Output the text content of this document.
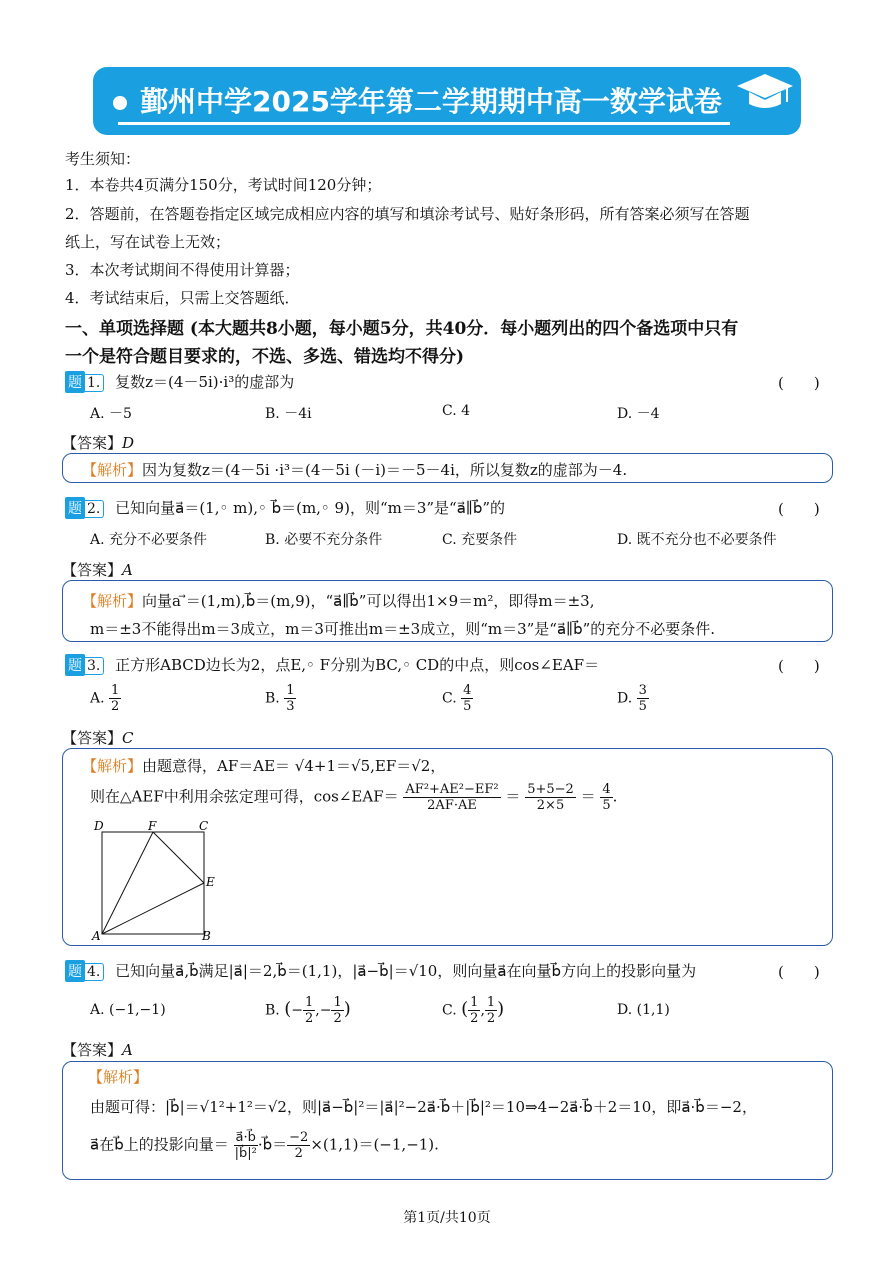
鄞州中学2025学年第二学期期中高一数学试卷
考生须知：
1．本卷共4页满分150分，考试时间120分钟；
2．答题前，在答题卷指定区域完成相应内容的填写和填涂考试号、贴好条形码，所有答案必须写在答题
纸上，写在试卷上无效；
3．本次考试期间不得使用计算器；
4．考试结束后，只需上交答题纸．
一、单项选择题 (本大题共8小题，每小题5分，共40分．每小题列出的四个备选项中只有
一个是符合题目要求的，不选、多选、错选均不得分)
题 1. 复数z＝(4－5i)·i³的虚部为	(　　)
A. －5	B. －4i	C. 4	D. －4
【答案】D
【解析】因为复数z＝(4－5i ·i³＝(4－5i (－i)＝－5－4i，所以复数z的虚部为－4.
题 2. 已知向量a⃗＝(1,◦ m),◦ b⃗＝(m,◦ 9)，则“m＝3”是“a⃗∥b⃗”的	(　　)
A. 充分不必要条件	B. 必要不充分条件	C. 充要条件	D. 既不充分也不必要条件
【答案】A
【解析】向量a ⃗＝(1,m),b⃗＝(m,9)，“a⃗∥b⃗”可以得出1×9＝m²，即得m＝±3,
m＝±3不能得出m＝3成立，m＝3可推出m＝±3成立，则“m＝3”是“a⃗∥b⃗”的充分不必要条件.
题 3. 正方形ABCD边长为2，点E,◦ F分别为BC,◦ CD的中点，则cos∠EAF＝	(　　)
A. $\frac{1}{2}$	B. $\frac{1}{3}$	C. $\frac{4}{5}$	D. $\frac{3}{5}$
【答案】C
【解析】由题意得，AF＝AE＝ √4+1＝√5,EF＝√2，
则在△AEF中利用余弦定理可得，cos∠EAF＝ $\frac{\text{AF²+AE²−EF²}}{2AF\cdot AE} = \frac{5+5-2}{2\times 5} = \frac{4}{5}$ .
D	F	C
E
A	B
题 4. 已知向量a⃗,b⃗满足|a⃗|＝2,b⃗＝(1,1)，|a⃗−b⃗|＝√10，则向量a⃗在向量b⃗方向上的投影向量为	(　　)
A. (−1,−1)	B. (− $\frac{1}{2}$ ,− $\frac{1}{2}$ )	C. ( $\frac{1}{2}$ , $\frac{1}{2}$ )	D. (1,1)
【答案】A
【解析】
由题可得：|b⃗|＝√1²+1²＝√2，则|a⃗−b⃗|²＝|a⃗|²−2a⃗·b⃗＋|b⃗|²＝10⇒4−2a⃗·b⃗＋2＝10，即a⃗·b⃗＝−2，
a⃗在b⃗上的投影向量＝ $\frac{a⃗\cdot b⃗}{\text{|b⃗|²}}$ ·b⃗＝ $\frac{-2}{2} \times(1,1)=(-1,-1)$.
第1页/共10页
